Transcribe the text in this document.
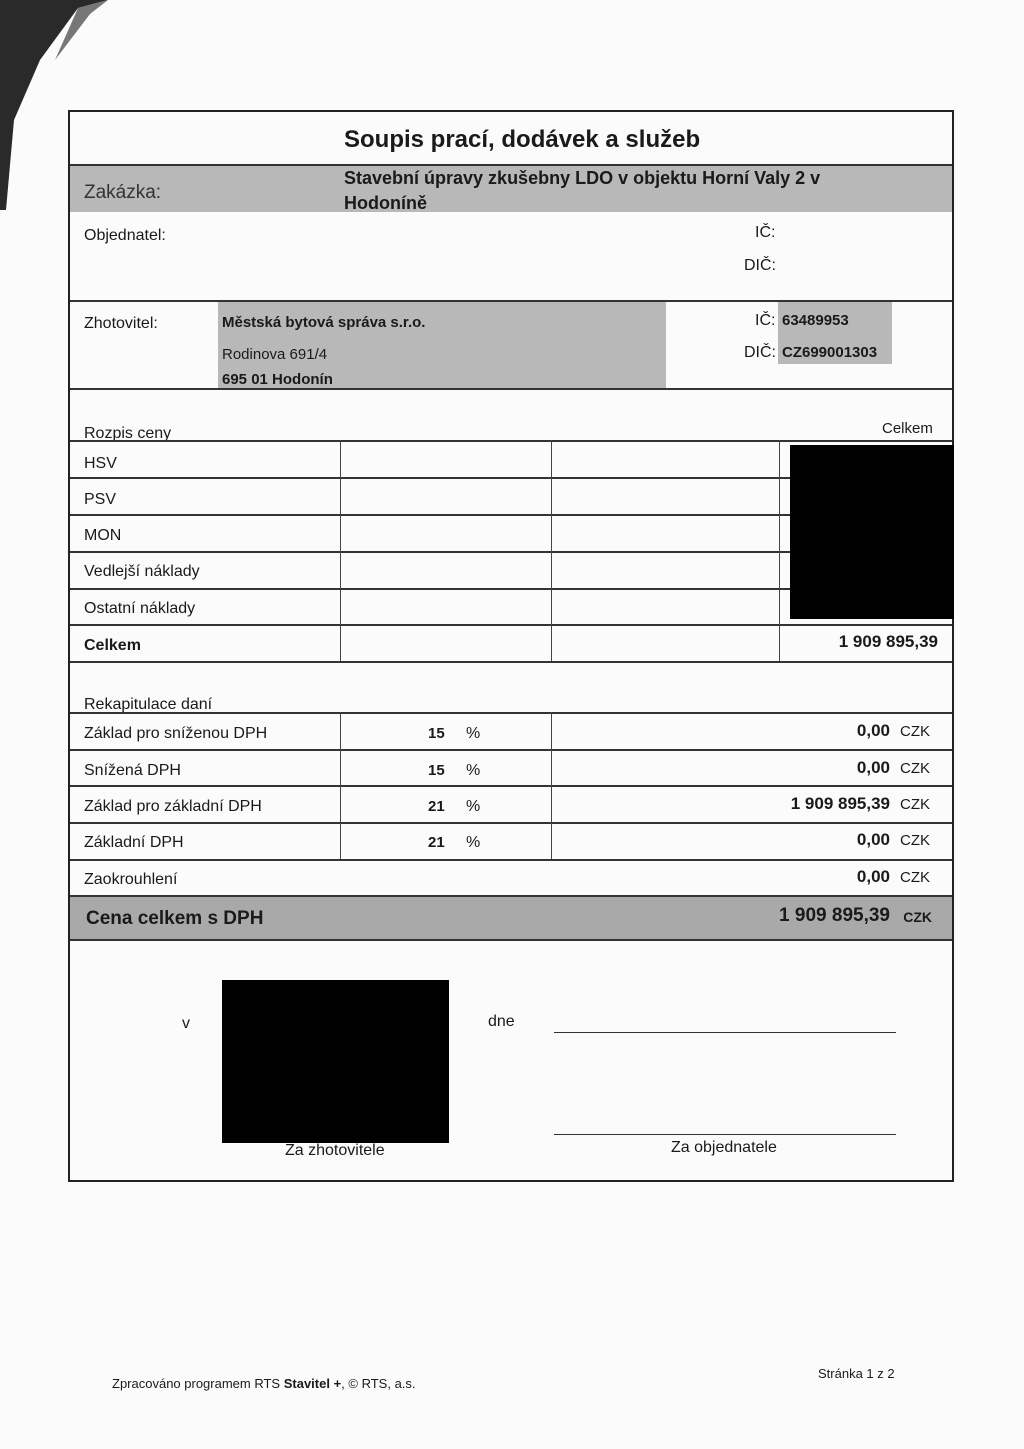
Soupis prací, dodávek a služeb
Zakázka:
Stavební úpravy zkušebny LDO v objektu Horní Valy 2 v
Hodoníně
Objednatel:	IČ:
DIČ:
Zhotovitel:	Městská bytová správa s.r.o.
Rodinova 691/4
695 01 Hodonín
IČ: 63489953
DIČ: CZ699001303
Rozpis ceny	Celkem
HSV
PSV
MON
Vedlejší náklady
Ostatní náklady
Celkem	1 909 895,39
Rekapitulace daní
Základ pro sníženou DPH	15 %	0,00 CZK
Snížená DPH	15 %	0,00 CZK
Základ pro základní DPH	21 %	1 909 895,39 CZK
Základní DPH	21 %	0,00 CZK
Zaokrouhlení	0,00 CZK
Cena celkem s DPH	1 909 895,39 CZK
v	dne
Za zhotovitele	Za objednatele
Zpracováno programem RTS Stavitel +, © RTS, a.s.
Stránka 1 z 2
